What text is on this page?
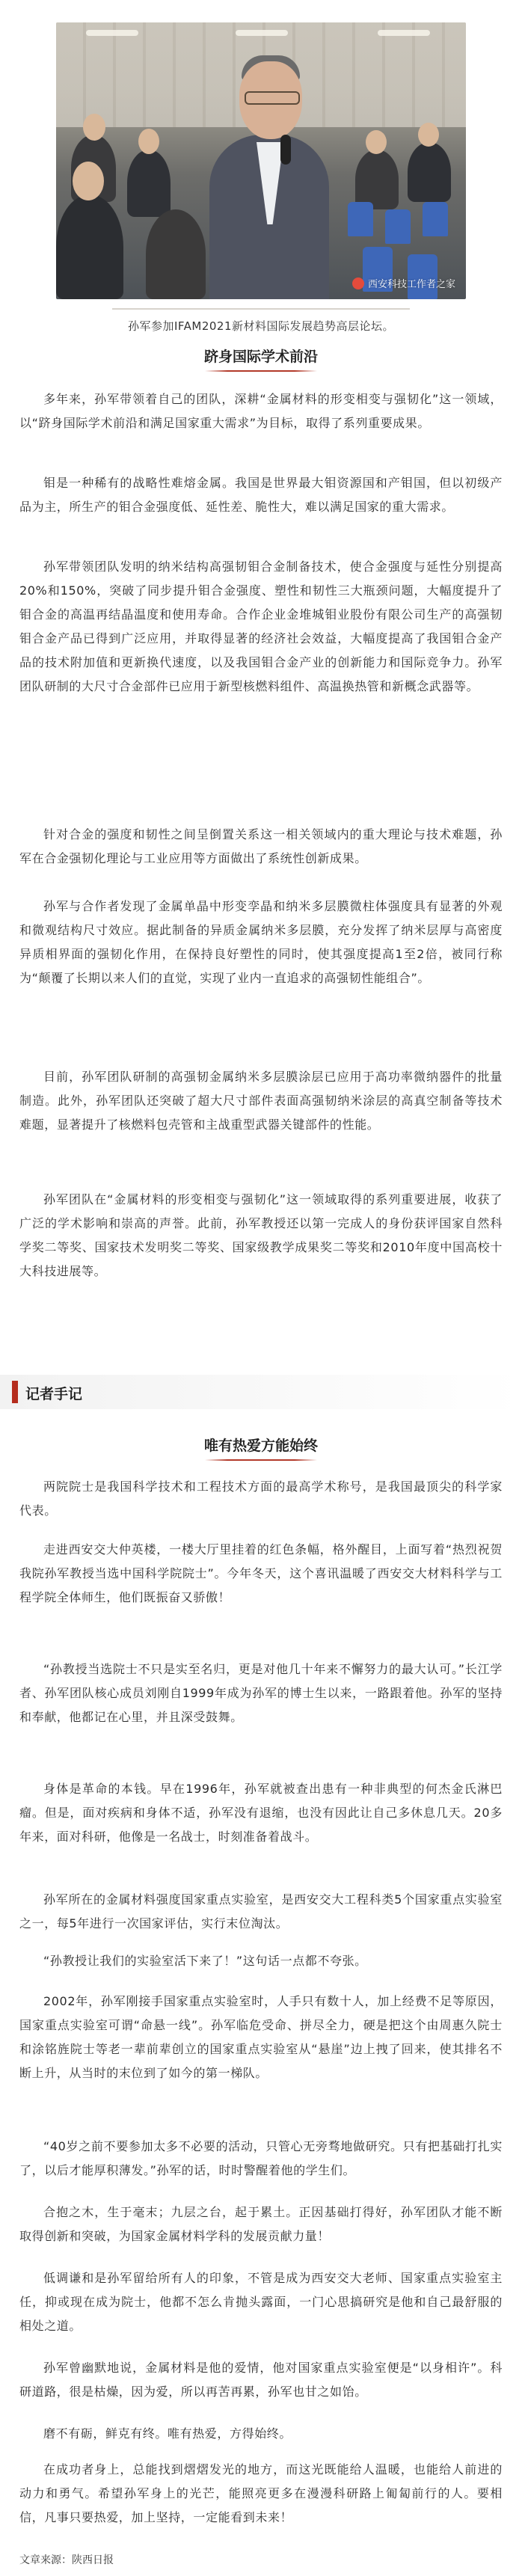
西安科技工作者之家
孙军参加IFAM2021新材料国际发展趋势高层论坛。
跻身国际学术前沿

多年来，孙军带领着自己的团队，深耕“金属材料的形变相变与强韧化”这一领域，以“跻身国际学术前沿和满足国家重大需求”为目标，取得了系列重要成果。

钼是一种稀有的战略性难熔金属。我国是世界最大钼资源国和产钼国，但以初级产品为主，所生产的钼合金强度低、延性差、脆性大，难以满足国家的重大需求。

孙军带领团队发明的纳米结构高强韧钼合金制备技术，使合金强度与延性分别提高20%和150%，突破了同步提升钼合金强度、塑性和韧性三大瓶颈问题，大幅度提升了钼合金的高温再结晶温度和使用寿命。合作企业金堆城钼业股份有限公司生产的高强韧钼合金产品已得到广泛应用，并取得显著的经济社会效益，大幅度提高了我国钼合金产品的技术附加值和更新换代速度，以及我国钼合金产业的创新能力和国际竞争力。孙军团队研制的大尺寸合金部件已应用于新型核燃料组件、高温换热管和新概念武器等。

针对合金的强度和韧性之间呈倒置关系这一相关领域内的重大理论与技术难题，孙军在合金强韧化理论与工业应用等方面做出了系统性创新成果。

孙军与合作者发现了金属单晶中形变孪晶和纳米多层膜微柱体强度具有显著的外观和微观结构尺寸效应。据此制备的异质金属纳米多层膜，充分发挥了纳米层厚与高密度异质相界面的强韧化作用，在保持良好塑性的同时，使其强度提高1至2倍，被同行称为“颠覆了长期以来人们的直觉，实现了业内一直追求的高强韧性能组合”。

目前，孙军团队研制的高强韧金属纳米多层膜涂层已应用于高功率微纳器件的批量制造。此外，孙军团队还突破了超大尺寸部件表面高强韧纳米涂层的高真空制备等技术难题，显著提升了核燃料包壳管和主战重型武器关键部件的性能。

孙军团队在“金属材料的形变相变与强韧化”这一领域取得的系列重要进展，收获了广泛的学术影响和崇高的声誉。此前，孙军教授还以第一完成人的身份获评国家自然科学奖二等奖、国家技术发明奖二等奖、国家级教学成果奖二等奖和2010年度中国高校十大科技进展等。

记者手记
唯有热爱方能始终

两院院士是我国科学技术和工程技术方面的最高学术称号，是我国最顶尖的科学家代表。

走进西安交大仲英楼，一楼大厅里挂着的红色条幅，格外醒目，上面写着“热烈祝贺我院孙军教授当选中国科学院院士”。今年冬天，这个喜讯温暖了西安交大材料科学与工程学院全体师生，他们既振奋又骄傲！

“孙教授当选院士不只是实至名归，更是对他几十年来不懈努力的最大认可。”长江学者、孙军团队核心成员刘刚自1999年成为孙军的博士生以来，一路跟着他。孙军的坚持和奉献，他都记在心里，并且深受鼓舞。

身体是革命的本钱。早在1996年，孙军就被查出患有一种非典型的何杰金氏淋巴瘤。但是，面对疾病和身体不适，孙军没有退缩，也没有因此让自己多休息几天。20多年来，面对科研，他像是一名战士，时刻准备着战斗。

孙军所在的金属材料强度国家重点实验室，是西安交大工程科类5个国家重点实验室之一，每5年进行一次国家评估，实行末位淘汰。

“孙教授让我们的实验室活下来了！”这句话一点都不夸张。

2002年，孙军刚接手国家重点实验室时，人手只有数十人，加上经费不足等原因，国家重点实验室可谓“命悬一线”。孙军临危受命、拼尽全力，硬是把这个由周惠久院士和涂铭旌院士等老一辈前辈创立的国家重点实验室从“悬崖”边上拽了回来，使其排名不断上升，从当时的末位到了如今的第一梯队。

“40岁之前不要参加太多不必要的活动，只管心无旁骛地做研究。只有把基础打扎实了，以后才能厚积薄发。”孙军的话，时时警醒着他的学生们。

合抱之木，生于毫末；九层之台，起于累土。正因基础打得好，孙军团队才能不断取得创新和突破，为国家金属材料学科的发展贡献力量！

低调谦和是孙军留给所有人的印象，不管是成为西安交大老师、国家重点实验室主任，抑或现在成为院士，他都不怎么肯抛头露面，一门心思搞研究是他和自己最舒服的相处之道。

孙军曾幽默地说，金属材料是他的爱情，他对国家重点实验室便是“以身相许”。科研道路，很是枯燥，因为爱，所以再苦再累，孙军也甘之如饴。

磨不有砺，鲜克有终。唯有热爱，方得始终。

在成功者身上，总能找到熠熠发光的地方，而这光既能给人温暖，也能给人前进的动力和勇气。希望孙军身上的光芒，能照亮更多在漫漫科研路上匍匐前行的人。要相信，凡事只要热爱，加上坚持，一定能看到未来！

文章来源：陕西日报
